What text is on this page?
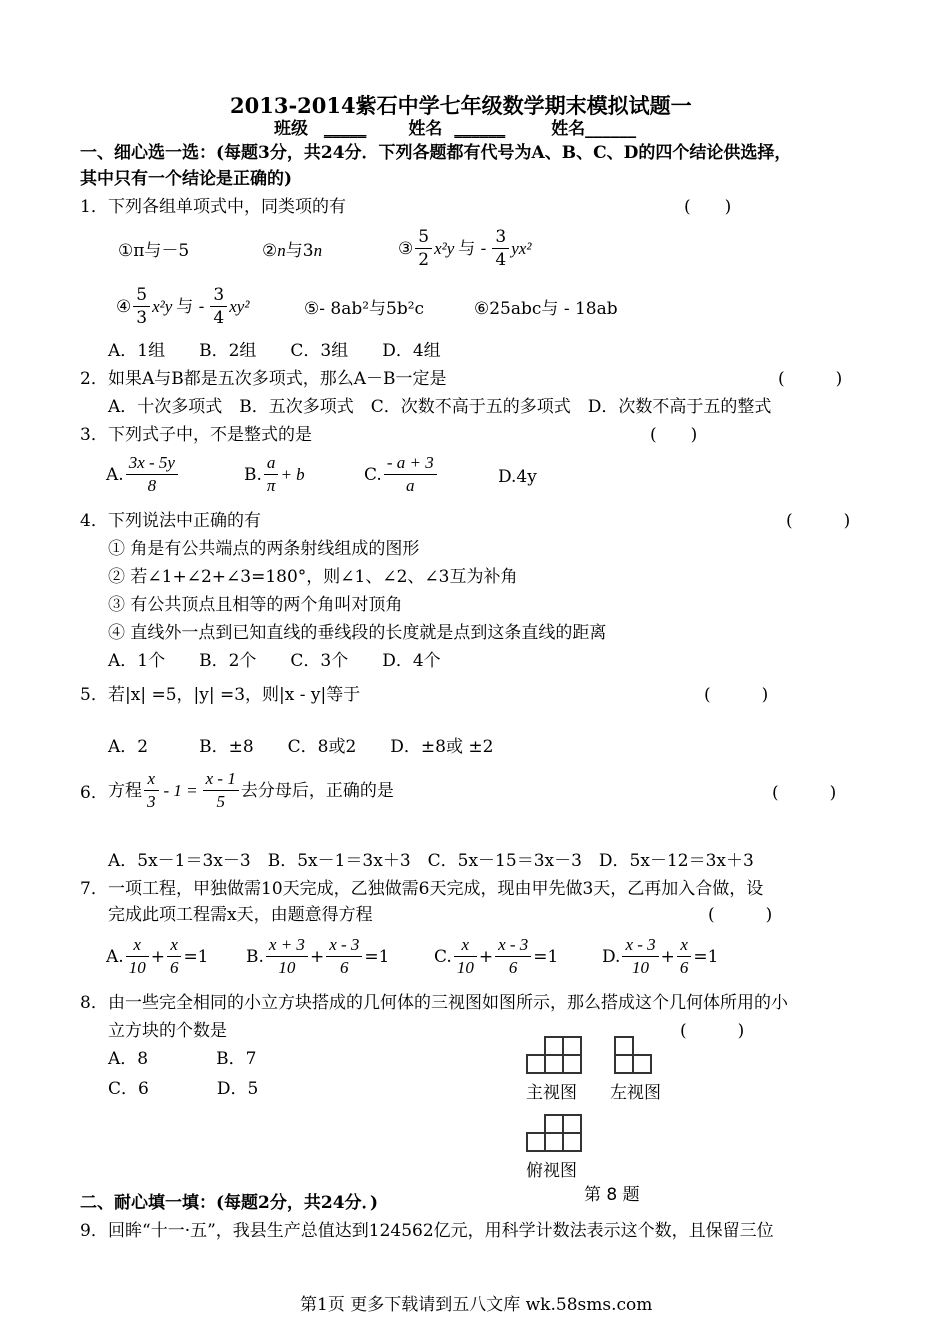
2013-2014紫石中学七年级数学期末模拟试题一
班级 _____ 姓名 ______	姓名______
一、细心选一选：(每题3分，共24分．下列各题都有代号为A、B、C、D的四个结论供选择，
其中只有一个结论是正确的)
1． 下列各组单项式中，同类项的有	(　　)
①π与－5	②n与3n	③ $\frac{5}{2} x^2y$ 与 - $\frac{3}{4} yx^2$
④ $\frac{5}{3} x^2y$ 与 - $\frac{3}{4} xy^2$	⑤- 8ab²与5b²c	⑥25abc与 - 18ab
A．1组　　B．2组　　C．3组　　D．4组
2． 如果A与B都是五次多项式，那么A－B一定是	(　　　)
A．十次多项式　B．五次多项式　C．次数不高于五的多项式　D．次数不高于五的整式
3． 下列式子中，不是整式的是	(　　)
A. $\frac{3x - 5y}{8}$	B. $\frac{a}{\pi} + b$	C. $\frac{- a + 3}{a}$	D.4y
4． 下列说法中正确的有	(　　　)
① 角是有公共端点的两条射线组成的图形
② 若∠1+∠2+∠3=180°，则∠1、∠2、∠3互为补角
③ 有公共顶点且相等的两个角叫对顶角
④ 直线外一点到已知直线的垂线段的长度就是点到这条直线的距离
A．1个　　B．2个　　C．3个　　D．4个
5． 若|x| =5，|y| =3，则|x - y|等于	(　　　)
A．2　　　B．±8　　C．8或2　　D．±8或 ±2
6． 方程 $\frac{x}{3} - 1 = \frac{x - 1}{5}$ 去分母后，正确的是	(　　　)
A．5x－1＝3x－3　B．5x－1＝3x＋3　C．5x－15＝3x－3　D．5x－12＝3x＋3
7． 一项工程，甲独做需10天完成，乙独做需6天完成，现由甲先做3天，乙再加入合做，设
完成此项工程需x天，由题意得方程	(　　　)
A. $\frac{x}{10} + \frac{x}{6} =1$ B. $\frac{x + 3}{10} + \frac{x - 3}{6} =1$	C. $\frac{x}{10} + \frac{x - 3}{6} =1$	D. $\frac{x - 3}{10} + \frac{x}{6} =1$
8． 由一些完全相同的小立方块搭成的几何体的三视图如图所示，那么搭成这个几何体所用的小
立方块的个数是	(　　　)
A．8　　　　B．7
C．6　　　　D．5	主视图 左视图
俯视图
第 8 题
二、耐心填一填：(每题2分，共24分．)
9． 回眸“十一·五”，我县生产总值达到124562亿元，用科学计数法表示这个数，且保留三位
第1页 更多下载请到五八文库 wk.58sms.com
